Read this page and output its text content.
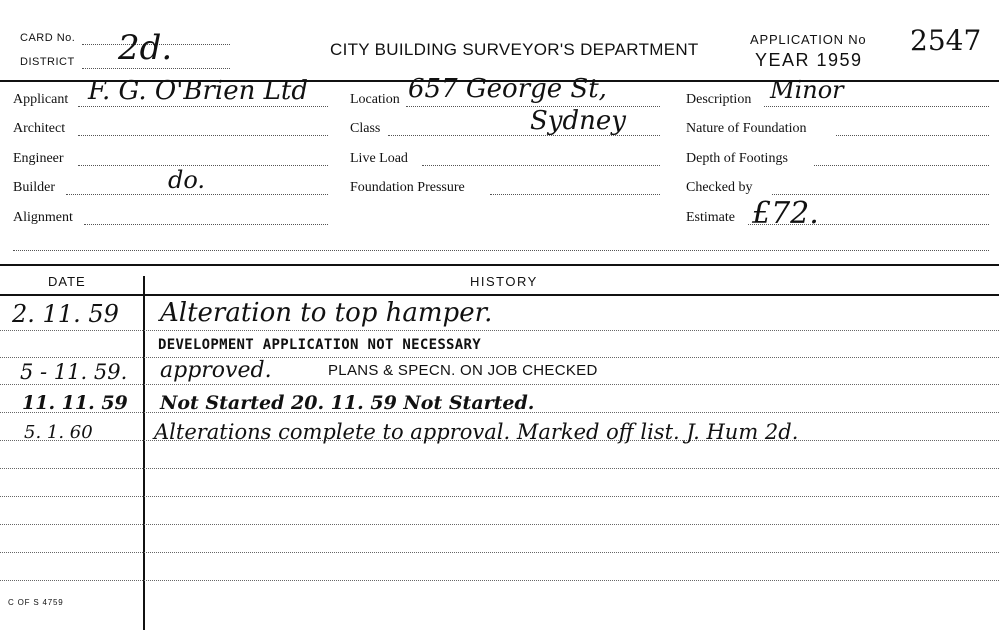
CARD No.
DISTRICT 2d.	CITY BUILDING SURVEYOR'S DEPARTMENT
APPLICATION No 2547
YEAR 1959
Applicant F. G. O'Brien Ltd
Architect
Engineer
Builder	do.
Alignment
Location 657 George St,
Sydney
Class
Live Load
Foundation Pressure
Description Minor
Nature of Foundation
Depth of Footings
Checked by
Estimate £72.
DATE	HISTORY
2. 11. 59 Alteration to top hamper.
DEVELOPMENT APPLICATION NOT NECESSARY
5 - 11. 59. approved.	PLANS & SPECN. ON JOB CHECKED
11. 11. 59 Not Started 20. 11. 59 Not Started.
5. 1. 60	Alterations complete to approval. Marked off list. J. Hum 2d.
C OF S 4759
